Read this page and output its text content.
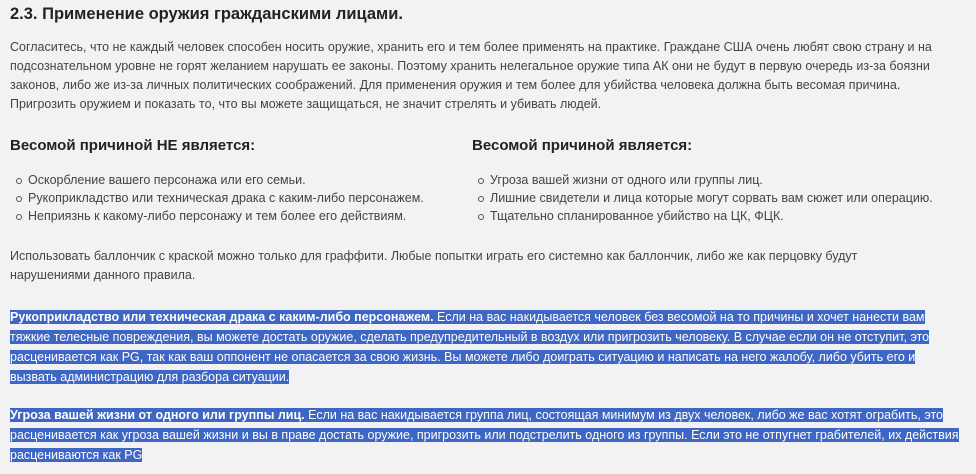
2.3. Применение оружия гражданскими лицами.

Согласитесь, что не каждый человек способен носить оружие, хранить его и тем более применять на практике. Граждане США очень любят свою страну и на подсознательном уровне не горят желанием нарушать ее законы. Поэтому хранить нелегальное оружие типа АК они не будут в первую очередь из-за боязни законов, либо же из-за личных политических соображений. Для применения оружия и тем более для убийства человека должна быть весомая причина. Пригрозить оружием и показать то, что вы можете защищаться, не значит стрелять и убивать людей.

Весомой причиной НЕ является:
Оскорбление вашего персонажа или его семьи.
Рукоприкладство или техническая драка с каким-либо персонажем.
Неприязнь к какому-либо персонажу и тем более его действиям.
Весомой причиной является:
Угроза вашей жизни от одного или группы лиц.
Лишние свидетели и лица которые могут сорвать вам сюжет или операцию.
Тщательно спланированное убийство на ЦК, ФЦК.

Использовать баллончик с краской можно только для граффити. Любые попытки играть его системно как баллончик, либо же как перцовку будут нарушениями данного правила.

Рукоприкладство или техническая драка с каким-либо персонажем. Если на вас накидывается человек без весомой на то причины и хочет нанести вам тяжкие телесные повреждения, вы можете достать оружие, сделать предупредительный в воздух или пригрозить человеку. В случае если он не отступит, это расценивается как PG, так как ваш оппонент не опасается за свою жизнь. Вы можете либо доиграть ситуацию и написать на него жалобу, либо убить его и вызвать администрацию для разбора ситуации.

Угроза вашей жизни от одного или группы лиц. Если на вас накидывается группа лиц, состоящая минимум из двух человек, либо же вас хотят ограбить, это расценивается как угроза вашей жизни и вы в праве достать оружие, пригрозить или подстрелить одного из группы. Если это не отпугнет грабителей, их действия расцениваются как PG
